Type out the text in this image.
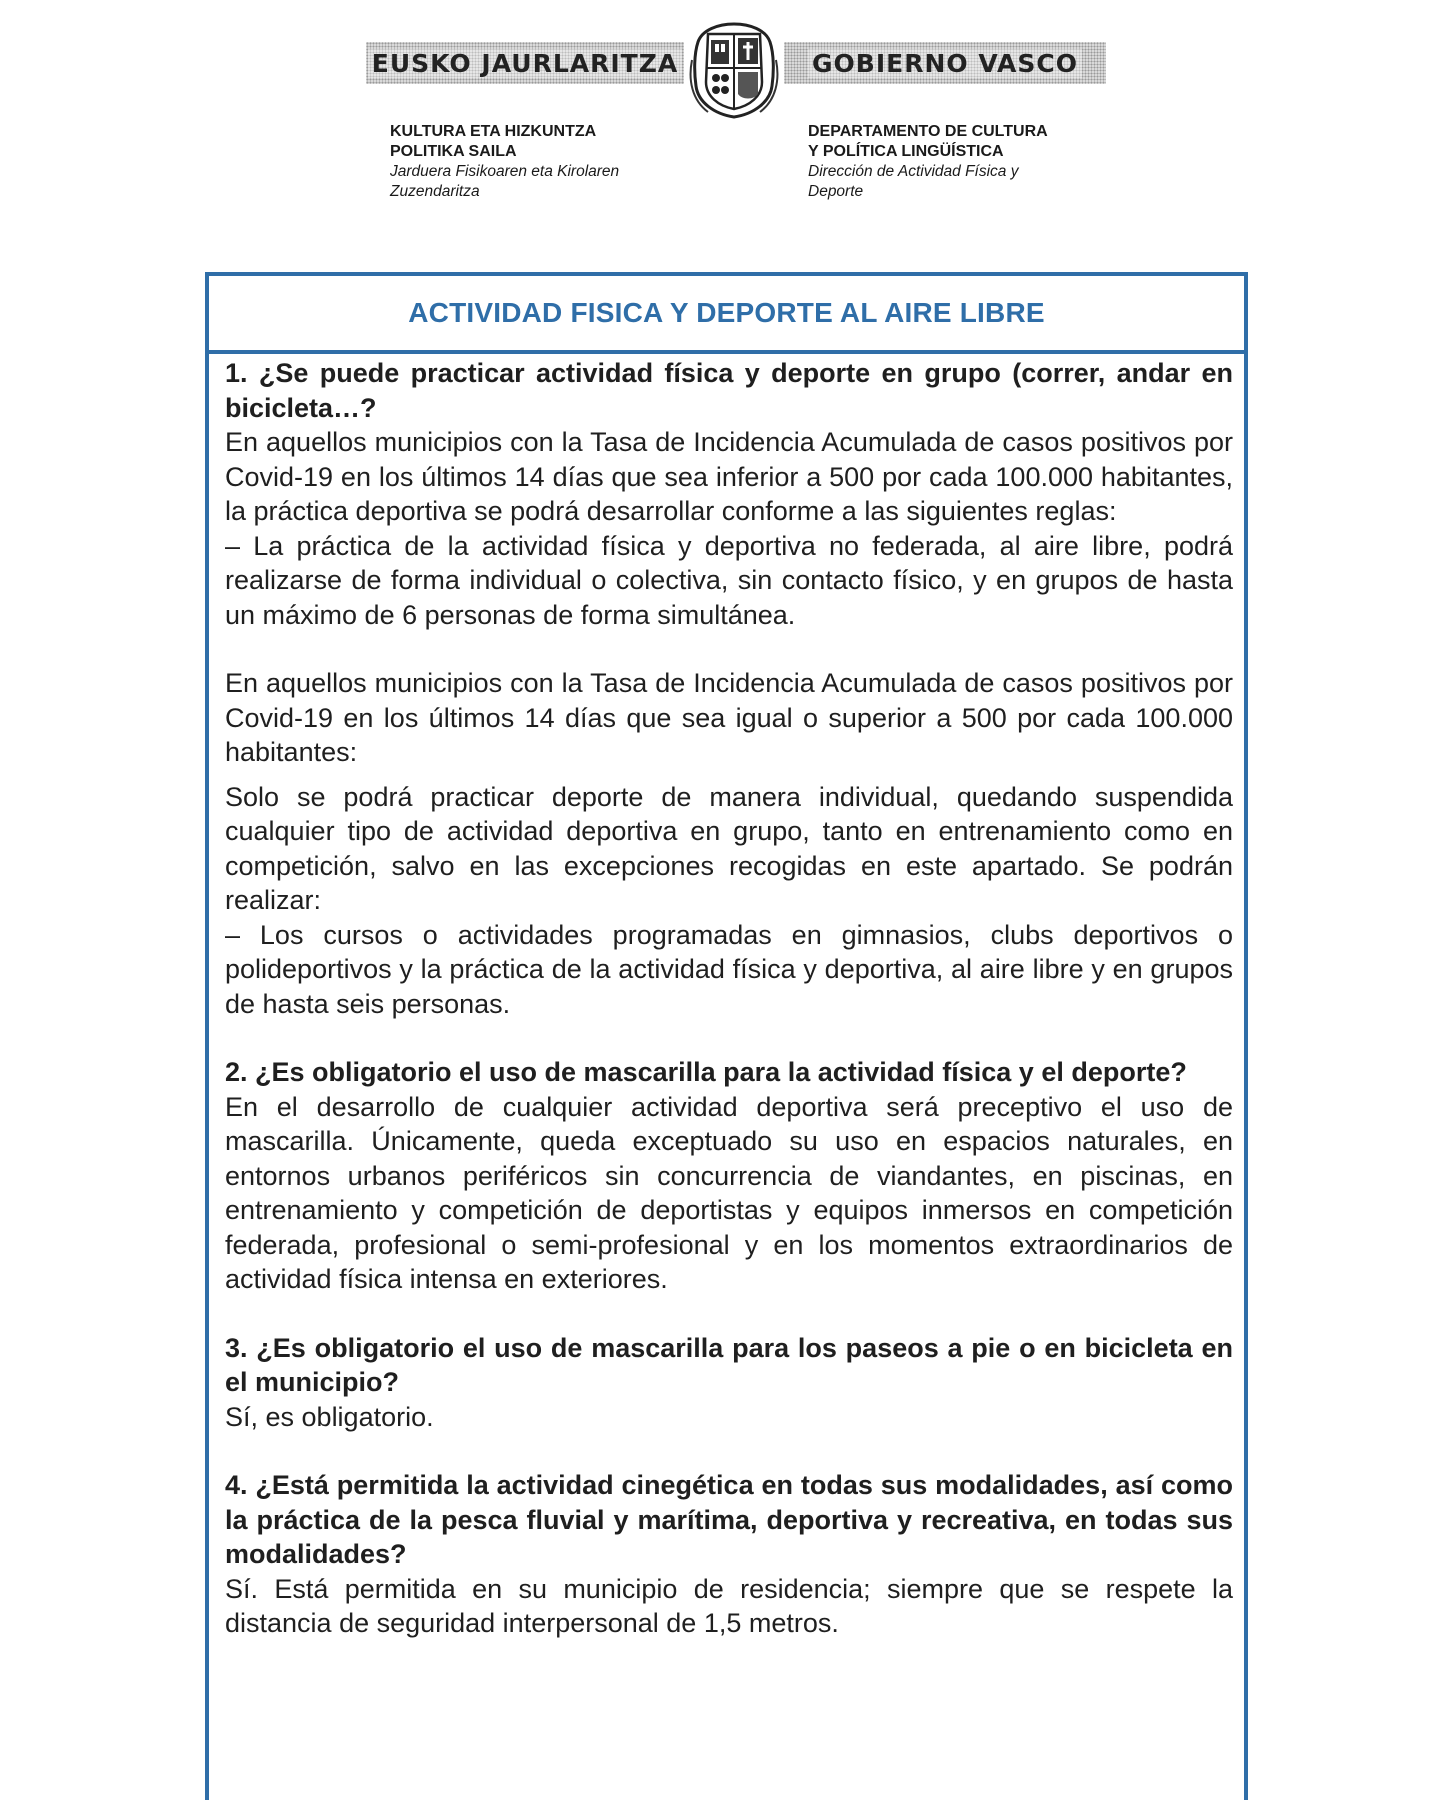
EUSKO JAURLARITZA	GOBIERNO VASCO
KULTURA ETA HIZKUNTZA
POLITIKA SAILA
Jarduera Fisikoaren eta Kirolaren
Zuzendaritza
DEPARTAMENTO DE CULTURA
Y POLÍTICA LINGÜÍSTICA
Dirección de Actividad Física y
Deporte
ACTIVIDAD FISICA Y DEPORTE AL AIRE LIBRE
1. ¿Se puede practicar actividad física y deporte en grupo (correr, andar en bicicleta…?
En aquellos municipios con la Tasa de Incidencia Acumulada de casos positivos por Covid-19 en los últimos 14 días que sea inferior a 500 por cada 100.000 habitantes, la práctica deportiva se podrá desarrollar conforme a las siguientes reglas:
– La práctica de la actividad física y deportiva no federada, al aire libre, podrá realizarse de forma individual o colectiva, sin contacto físico, y en grupos de hasta un máximo de 6 personas de forma simultánea.
En aquellos municipios con la Tasa de Incidencia Acumulada de casos positivos por Covid-19 en los últimos 14 días que sea igual o superior a 500 por cada 100.000 habitantes:
Solo se podrá practicar deporte de manera individual, quedando suspendida cualquier tipo de actividad deportiva en grupo, tanto en entrenamiento como en competición, salvo en las excepciones recogidas en este apartado. Se podrán realizar:
– Los cursos o actividades programadas en gimnasios, clubs deportivos o polideportivos y la práctica de la actividad física y deportiva, al aire libre y en grupos de hasta seis personas.
2. ¿Es obligatorio el uso de mascarilla para la actividad física y el deporte?
En el desarrollo de cualquier actividad deportiva será preceptivo el uso de mascarilla. Únicamente, queda exceptuado su uso en espacios naturales, en entornos urbanos periféricos sin concurrencia de viandantes, en piscinas, en entrenamiento y competición de deportistas y equipos inmersos en competición federada, profesional o semi-profesional y en los momentos extraordinarios de actividad física intensa en exteriores.
3. ¿Es obligatorio el uso de mascarilla para los paseos a pie o en bicicleta en el municipio?
Sí, es obligatorio.
4. ¿Está permitida la actividad cinegética en todas sus modalidades, así como la práctica de la pesca fluvial y marítima, deportiva y recreativa, en todas sus modalidades?
Sí. Está permitida en su municipio de residencia; siempre que se respete la distancia de seguridad interpersonal de 1,5 metros.
